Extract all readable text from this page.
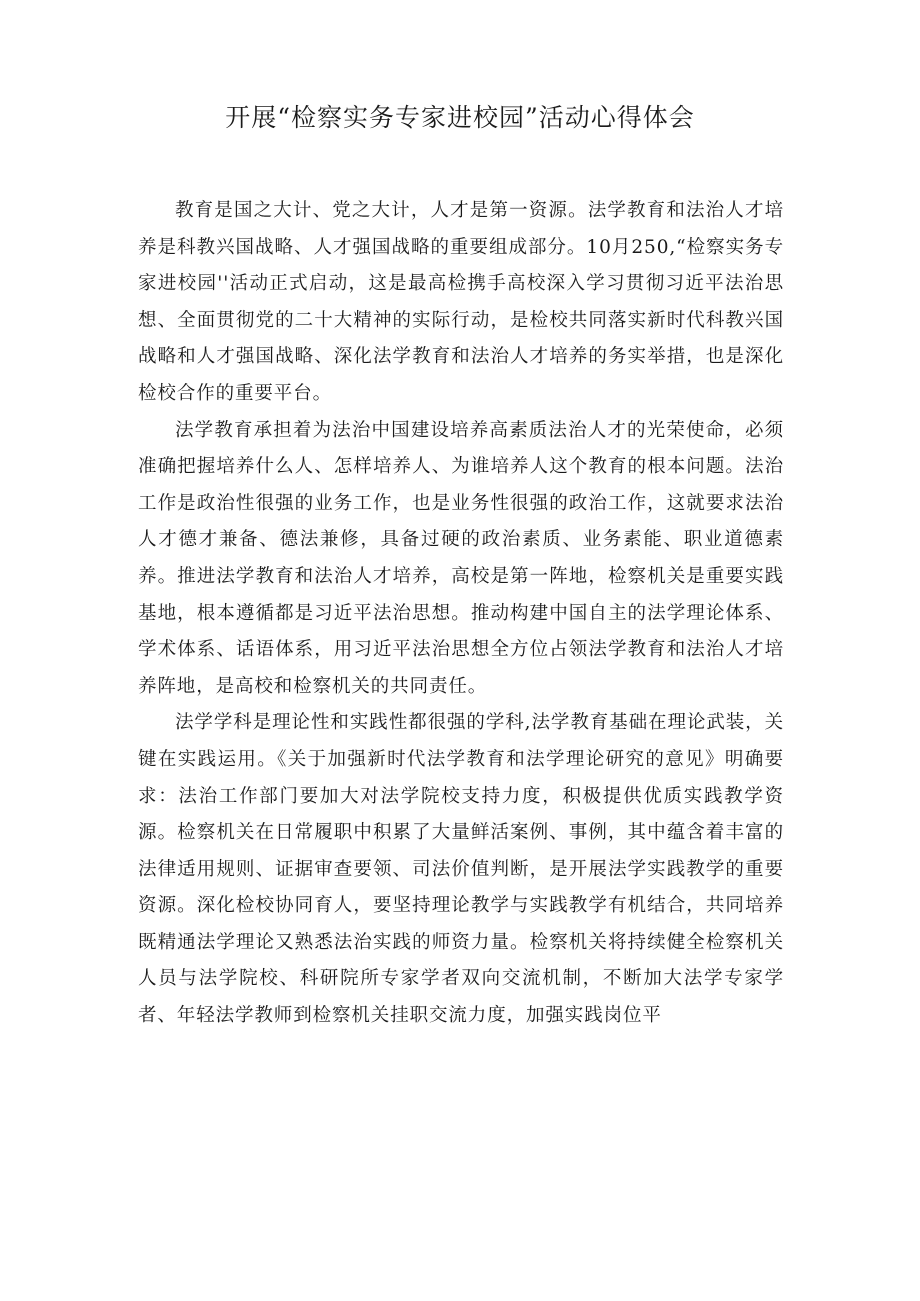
开展“检察实务专家进校园”活动心得体会

教育是国之大计、党之大计，人才是第一资源。法学教育和法治人才培养是科教兴国战略、人才强国战略的重要组成部分。10月250,“检察实务专家进校园''活动正式启动，这是最高检携手高校深入学习贯彻习近平法治思想、全面贯彻党的二十大精神的实际行动，是检校共同落实新时代科教兴国战略和人才强国战略、深化法学教育和法治人才培养的务实举措，也是深化检校合作的重要平台。

法学教育承担着为法治中国建设培养高素质法治人才的光荣使命，必须准确把握培养什么人、怎样培养人、为谁培养人这个教育的根本问题。法治工作是政治性很强的业务工作，也是业务性很强的政治工作，这就要求法治人才德才兼备、德法兼修，具备过硬的政治素质、业务素能、职业道德素养。推进法学教育和法治人才培养，高校是第一阵地，检察机关是重要实践基地，根本遵循都是习近平法治思想。推动构建中国自主的法学理论体系、学术体系、话语体系，用习近平法治思想全方位占领法学教育和法治人才培养阵地，是高校和检察机关的共同责任。

法学学科是理论性和实践性都很强的学科,法学教育基础在理论武装，关键在实践运用。《关于加强新时代法学教育和法学理论研究的意见》明确要求：法治工作部门要加大对法学院校支持力度，积极提供优质实践教学资源。检察机关在日常履职中积累了大量鲜活案例、事例，其中蕴含着丰富的法律适用规则、证据审查要领、司法价值判断，是开展法学实践教学的重要资源。深化检校协同育人，要坚持理论教学与实践教学有机结合，共同培养既精通法学理论又熟悉法治实践的师资力量。检察机关将持续健全检察机关人员与法学院校、科研院所专家学者双向交流机制，不断加大法学专家学者、年轻法学教师到检察机关挂职交流力度，加强实践岗位平
